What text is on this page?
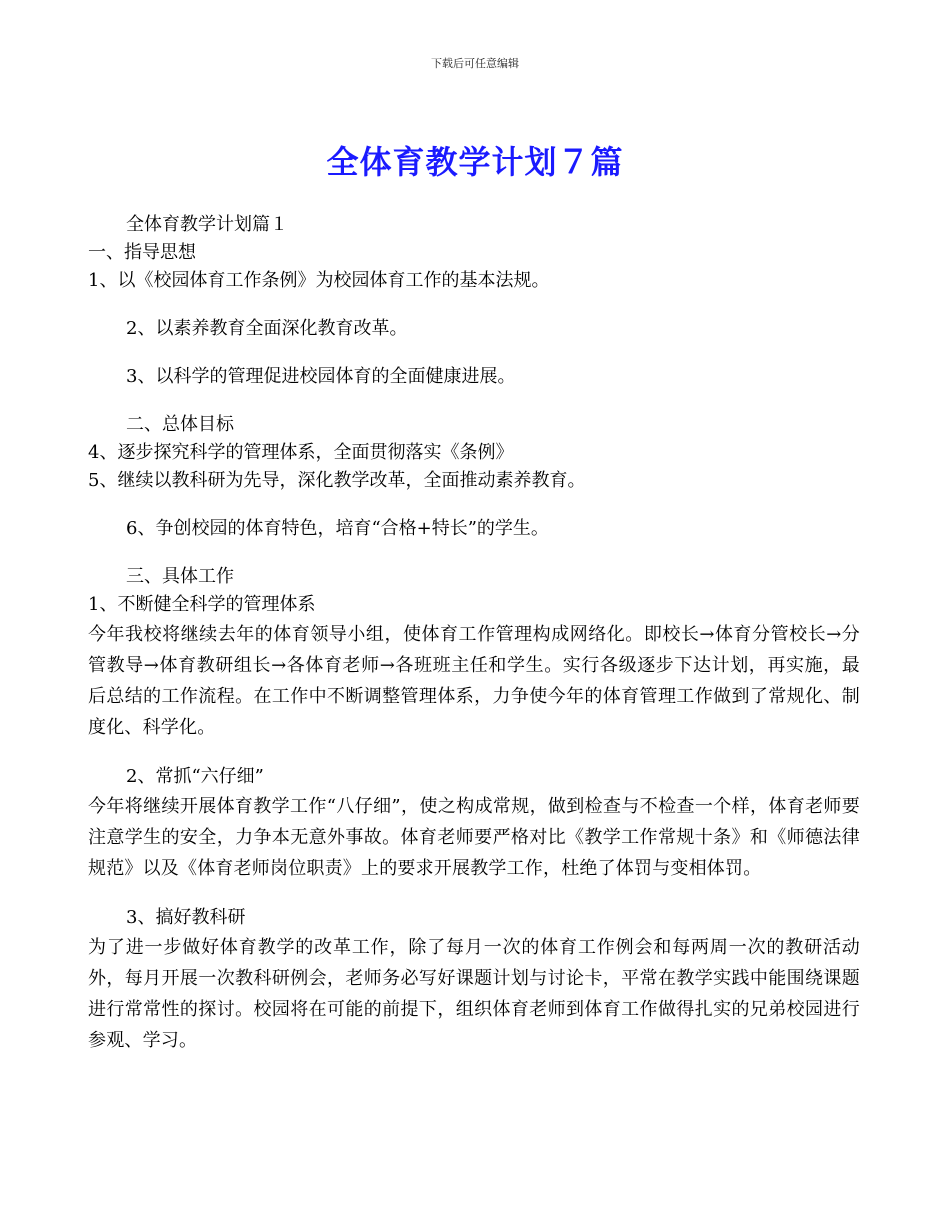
下载后可任意编辑
全体育教学计划７篇

全体育教学计划篇１

一、指导思想

1、以《校园体育工作条例》为校园体育工作的基本法规。

2、以素养教育全面深化教育改革。

3、以科学的管理促进校园体育的全面健康进展。

二、总体目标

4、逐步探究科学的管理体系，全面贯彻落实《条例》

5、继续以教科研为先导，深化教学改革，全面推动素养教育。

6、争创校园的体育特色，培育“合格+特长”的学生。

三、具体工作

1、不断健全科学的管理体系

今年我校将继续去年的体育领导小组，使体育工作管理构成网络化。即校长→体育分管校长→分管教导→体育教研组长→各体育老师→各班班主任和学生。实行各级逐步下达计划，再实施，最后总结的工作流程。在工作中不断调整管理体系，力争使今年的体育管理工作做到了常规化、制度化、科学化。

2、常抓“六仔细”

今年将继续开展体育教学工作“八仔细”，使之构成常规，做到检查与不检查一个样，体育老师要注意学生的安全，力争本无意外事故。体育老师要严格对比《教学工作常规十条》和《师德法律规范》以及《体育老师岗位职责》上的要求开展教学工作，杜绝了体罚与变相体罚。

3、搞好教科研

为了进一步做好体育教学的改革工作，除了每月一次的体育工作例会和每两周一次的教研活动外，每月开展一次教科研例会，老师务必写好课题计划与讨论卡，平常在教学实践中能围绕课题进行常常性的探讨。校园将在可能的前提下，组织体育老师到体育工作做得扎实的兄弟校园进行参观、学习。
